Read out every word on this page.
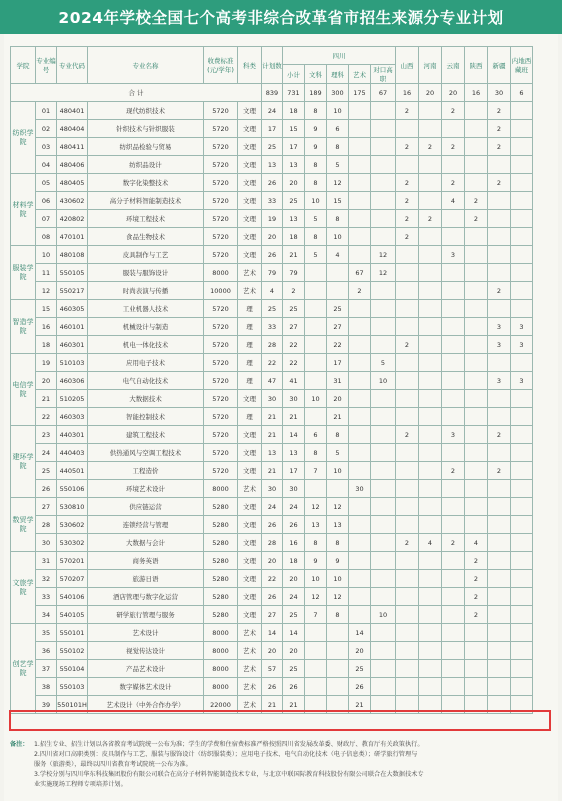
2024年学校全国七个高考非综合改革省市招生来源分专业计划
学院	专业编号	专业代码	专业名称	收费标准(元/学年)	科类	计划数	四川					山西	河南	云南	陕西	新疆	内地西藏班
							小计	文科	理科	艺术	对口高职						
合 计						839	731	189	300	175	67	16	20	20	16	30	6
纺织学院	01	480401	现代纺织技术	5720	文理	24	18	8	10			2		2		2	
	02	480404	针织技术与针织服装	5720	文理	17	15	9	6							2	
	03	480411	纺织品检验与贸易	5720	文理	25	17	9	8			2	2	2		2	
	04	480406	纺织品设计	5720	文理	13	13	8	5								
材料学院	05	480405	数字化染整技术	5720	文理	26	20	8	12			2		2		2	
	06	430602	高分子材料智能制造技术	5720	文理	33	25	10	15			2		4	2		
	07	420802	环境工程技术	5720	文理	19	13	5	8			2	2		2		
	08	470101	食品生物技术	5720	文理	20	18	8	10			2					
服装学院	10	480108	皮具制作与工艺	5720	文理	26	21	5	4		12			3			
	11	550105	服装与服饰设计	8000	艺术	79	79			67	12						
	12	550217	时尚表演与传播	10000	艺术	4	2			2						2	
智造学院	15	460305	工业机器人技术	5720	理	25	25		25								
	16	460101	机械设计与制造	5720	理	33	27		27							3	3
	18	460301	机电一体化技术	5720	理	28	22		22			2				3	3
电信学院	19	510103	应用电子技术	5720	理	22	22		17		5						
	20	460306	电气自动化技术	5720	理	47	41		31		10					3	3
	21	510205	大数据技术	5720	文理	30	30	10	20								
	22	460303	智能控制技术	5720	理	21	21		21								
建环学院	23	440301	建筑工程技术	5720	文理	21	14	6	8			2		3		2	
	24	440403	供热通风与空调工程技术	5720	文理	13	13	8	5								
	25	440501	工程造价	5720	文理	21	17	7	10					2		2	
	26	550106	环境艺术设计	8000	艺术	30	30			30							
数贸学院	27	530810	供应链运营	5280	文理	24	24	12	12								
	28	530602	连锁经营与管理	5280	文理	26	26	13	13								
	30	530302	大数据与会计	5280	文理	28	16	8	8			2	4	2	4		
文旅学院	31	570201	商务英语	5280	文理	20	18	9	9						2		
	32	570207	旅游日语	5280	文理	22	20	10	10						2		
	33	540106	酒店管理与数字化运营	5280	文理	26	24	12	12						2		
	34	540105	研学旅行管理与服务	5280	文理	27	25	7	8		10				2		
创艺学院	35	550101	艺术设计	8000	艺术	14	14			14							
	36	550102	视觉传达设计	8000	艺术	20	20			20							
	37	550104	产品艺术设计	8000	艺术	57	25			25							
	38	550103	数字媒体艺术设计	8000	艺术	26	26			26							
	39	550101H	艺术设计（中外合作办学）	22000	艺术	21	21			21							
备注： 1.招生专业、招生计划以各省教育考试院统一公布为准；学生的学费和住宿费标准严格按照四川省发展改革委、财政厅、教育厅有关政策执行。
2.四川省对口高职类别：皮具制作与工艺、服装与服饰设计（纺织服装类）；应用电子技术、电气自动化技术（电子信息类）；研学旅行管理与
服务（旅游类），最终以四川省教育考试院统一公布为准。
3.学校分别与四川华东科技集团股份有限公司联合在高分子材料智能制造技术专业，与北京中联国际教育科技股份有限公司联合在大数据技术专
业实施现场工程师专项培养计划。
